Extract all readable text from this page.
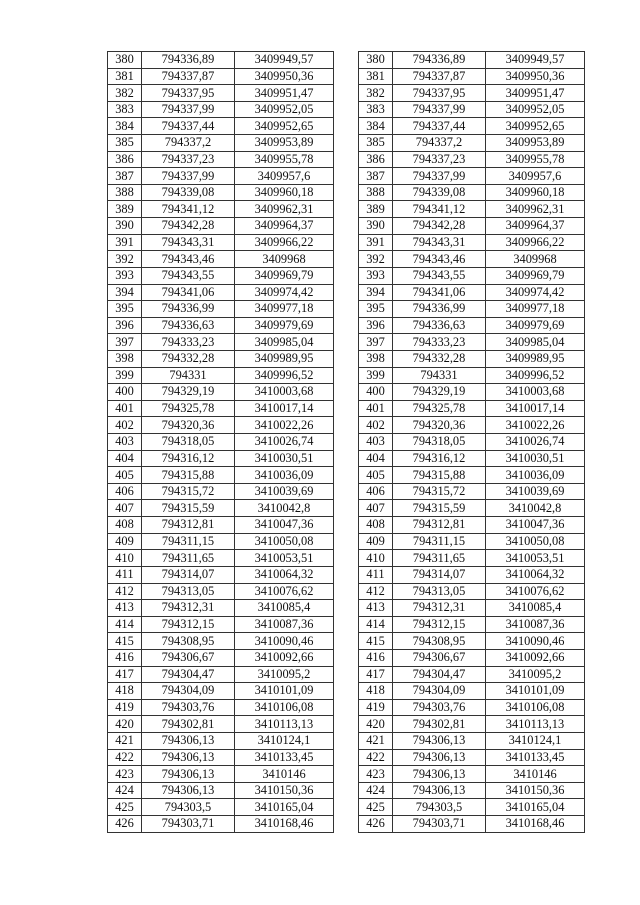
380	794336,89	3409949,57
381	794337,87	3409950,36
382	794337,95	3409951,47
383	794337,99	3409952,05
384	794337,44	3409952,65
385	794337,2	3409953,89
386	794337,23	3409955,78
387	794337,99	3409957,6
388	794339,08	3409960,18
389	794341,12	3409962,31
390	794342,28	3409964,37
391	794343,31	3409966,22
392	794343,46	3409968
393	794343,55	3409969,79
394	794341,06	3409974,42
395	794336,99	3409977,18
396	794336,63	3409979,69
397	794333,23	3409985,04
398	794332,28	3409989,95
399	794331	3409996,52
400	794329,19	3410003,68
401	794325,78	3410017,14
402	794320,36	3410022,26
403	794318,05	3410026,74
404	794316,12	3410030,51
405	794315,88	3410036,09
406	794315,72	3410039,69
407	794315,59	3410042,8
408	794312,81	3410047,36
409	794311,15	3410050,08
410	794311,65	3410053,51
411	794314,07	3410064,32
412	794313,05	3410076,62
413	794312,31	3410085,4
414	794312,15	3410087,36
415	794308,95	3410090,46
416	794306,67	3410092,66
417	794304,47	3410095,2
418	794304,09	3410101,09
419	794303,76	3410106,08
420	794302,81	3410113,13
421	794306,13	3410124,1
422	794306,13	3410133,45
423	794306,13	3410146
424	794306,13	3410150,36
425	794303,5	3410165,04
426	794303,71	3410168,46
380	794336,89	3409949,57
381	794337,87	3409950,36
382	794337,95	3409951,47
383	794337,99	3409952,05
384	794337,44	3409952,65
385	794337,2	3409953,89
386	794337,23	3409955,78
387	794337,99	3409957,6
388	794339,08	3409960,18
389	794341,12	3409962,31
390	794342,28	3409964,37
391	794343,31	3409966,22
392	794343,46	3409968
393	794343,55	3409969,79
394	794341,06	3409974,42
395	794336,99	3409977,18
396	794336,63	3409979,69
397	794333,23	3409985,04
398	794332,28	3409989,95
399	794331	3409996,52
400	794329,19	3410003,68
401	794325,78	3410017,14
402	794320,36	3410022,26
403	794318,05	3410026,74
404	794316,12	3410030,51
405	794315,88	3410036,09
406	794315,72	3410039,69
407	794315,59	3410042,8
408	794312,81	3410047,36
409	794311,15	3410050,08
410	794311,65	3410053,51
411	794314,07	3410064,32
412	794313,05	3410076,62
413	794312,31	3410085,4
414	794312,15	3410087,36
415	794308,95	3410090,46
416	794306,67	3410092,66
417	794304,47	3410095,2
418	794304,09	3410101,09
419	794303,76	3410106,08
420	794302,81	3410113,13
421	794306,13	3410124,1
422	794306,13	3410133,45
423	794306,13	3410146
424	794306,13	3410150,36
425	794303,5	3410165,04
426	794303,71	3410168,46
